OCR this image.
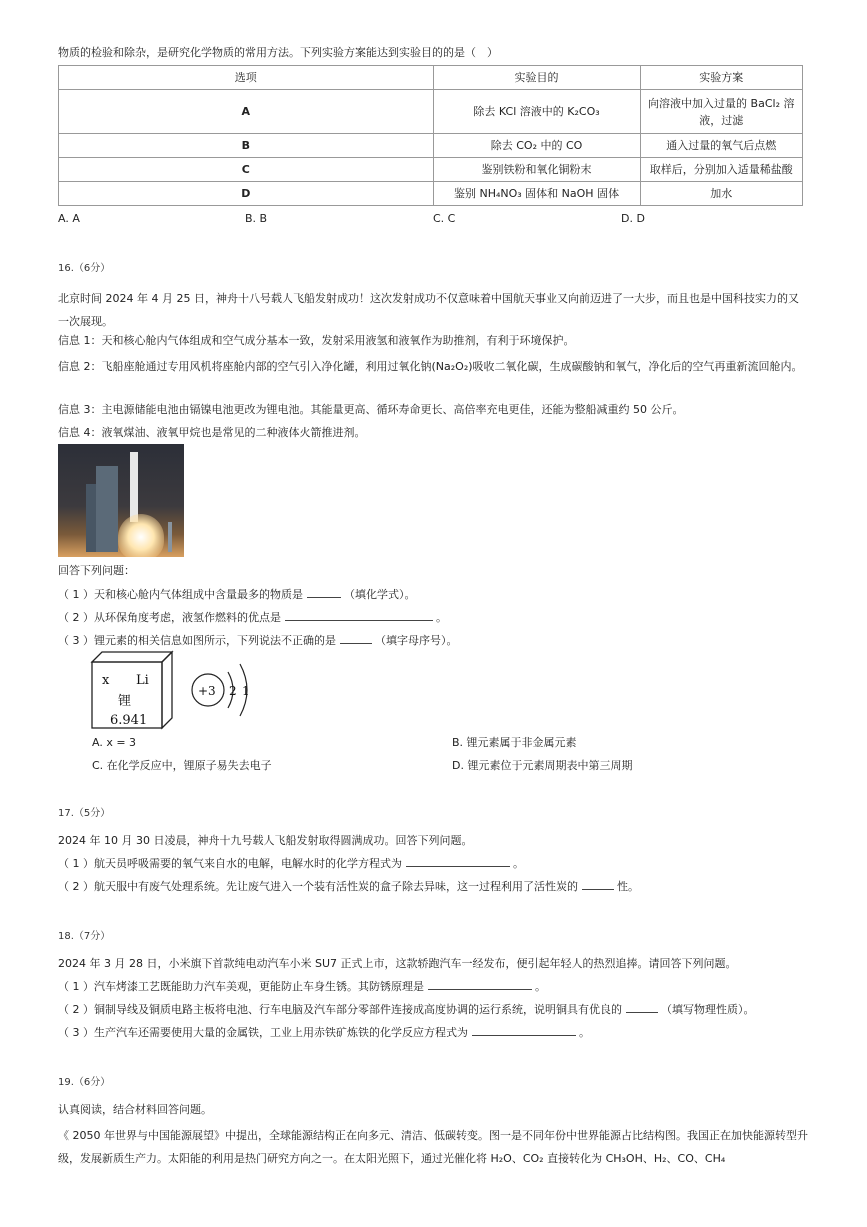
物质的检验和除杂，是研究化学物质的常用方法。下列实验方案能达到实验目的的是（　）
选项	实验目的	实验方案
A	除去 KCl 溶液中的 K₂CO₃	向溶液中加入过量的 BaCl₂ 溶液，过滤
B	除去 CO₂ 中的 CO	通入过量的氧气后点燃
C	鉴别铁粉和氧化铜粉末	取样后，分别加入适量稀盐酸
D	鉴别 NH₄NO₃ 固体和 NaOH 固体	加水
A. A	B. B	C. C	D. D
16.（6分）
北京时间 2024 年 4 月 25 日，神舟十八号载人飞船发射成功！这次发射成功不仅意味着中国航天事业又向前迈进了一大步，而且也是中国科技实力的又一次展现。
信息 1：天和核心舱内气体组成和空气成分基本一致，发射采用液氢和液氧作为助推剂，有利于环境保护。
信息 2：飞船座舱通过专用风机将座舱内部的空气引入净化罐，利用过氧化钠(Na₂O₂)吸收二氧化碳，生成碳酸钠和氧气，净化后的空气再重新流回舱内。
信息 3：主电源储能电池由镉镍电池更改为锂电池。其能量更高、循环寿命更长、高倍率充电更佳，还能为整船减重约 50 公斤。
信息 4：液氧煤油、液氧甲烷也是常见的二种液体火箭推进剂。
回答下列问题：
（ 1 ）天和核心舱内气体组成中含量最多的物质是	（填化学式）。
（ 2 ）从环保角度考虑，液氢作燃料的优点是	。
（ 3 ）锂元素的相关信息如图所示，下列说法不正确的是	（填字母序号）。
x Li
锂
6.941
+3 2 1
A. x = 3	B. 锂元素属于非金属元素
C. 在化学反应中，锂原子易失去电子	D. 锂元素位于元素周期表中第三周期
17.（5分）
2024 年 10 月 30 日凌晨，神舟十九号载人飞船发射取得圆满成功。回答下列问题。
（ 1 ）航天员呼吸需要的氧气来自水的电解，电解水时的化学方程式为	。
（ 2 ）航天服中有废气处理系统。先让废气进入一个装有活性炭的盒子除去异味，这一过程利用了活性炭的	性。
18.（7分）
2024 年 3 月 28 日，小米旗下首款纯电动汽车小米 SU7 正式上市，这款轿跑汽车一经发布，便引起年轻人的热烈追捧。请回答下列问题。
（ 1 ）汽车烤漆工艺既能助力汽车美观，更能防止车身生锈。其防锈原理是	。
（ 2 ）铜制导线及铜质电路主板将电池、行车电脑及汽车部分零部件连接成高度协调的运行系统，说明铜具有优良的	（填写物理性质）。
（ 3 ）生产汽车还需要使用大量的金属铁，工业上用赤铁矿炼铁的化学反应方程式为	。
19.（6分）
认真阅读，结合材料回答问题。
《 2050 年世界与中国能源展望》中提出，全球能源结构正在向多元、清洁、低碳转变。图一是不同年份中世界能源占比结构图。我国正在加快能源转型升级，发展新质生产力。太阳能的利用是热门研究方向之一。在太阳光照下，通过光催化将 H₂O、CO₂ 直接转化为 CH₃OH、H₂、CO、CH₄
